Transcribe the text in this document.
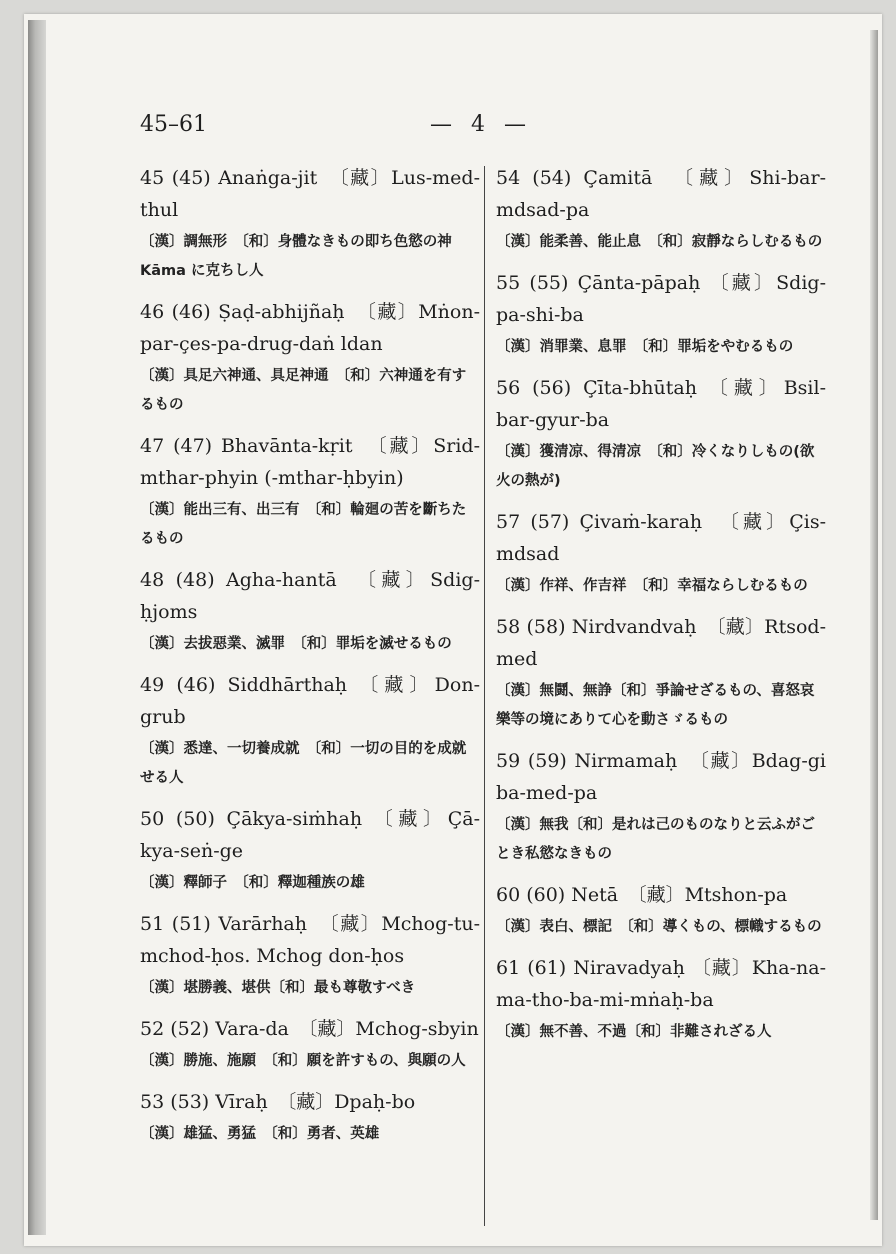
45–61	— 4 —
45 (45) Anaṅga-jit　〔藏〕Lus-med-thul
〔漢〕調無形　〔和〕身體なきもの即ち色慾の神 Kāma に克ちし人
46 (46) Ṣaḍ-abhijñaḥ　〔藏〕Mṅon-par-çes-pa-drug-daṅ ldan
〔漢〕具足六神通、具足神通　〔和〕六神通を有するもの
47 (47) Bhavānta-kṛit　〔藏〕Srid-mthar-phyin (-mthar-ḥbyin)
〔漢〕能出三有、出三有　〔和〕輪廻の苦を斷ちたるもの
48 (48) Agha-hantā　〔藏〕Sdig-ḥjoms
〔漢〕去拔惡業、滅罪　〔和〕罪垢を滅せるもの
49 (46) Siddhārthaḥ 〔藏〕Don-grub
〔漢〕悉達、一切養成就　〔和〕一切の目的を成就せる人
50 (50) Çākya-siṁhaḥ 〔藏〕Çā-kya-seṅ-ge
〔漢〕釋師子　〔和〕釋迦種族の雄
51 (51) Varārhaḥ　〔藏〕Mchog-tu-mchod-ḥos. Mchog don-ḥos
〔漢〕堪勝義、堪供〔和〕最も尊敬すべき
52 (52) Vara-da　〔藏〕Mchog-sbyin
〔漢〕勝施、施願　〔和〕願を許すもの、與願の人
53 (53) Vīraḥ　〔藏〕Dpaḥ-bo
〔漢〕雄猛、勇猛　〔和〕勇者、英雄
54 (54) Çamitā　〔藏〕Shi-bar-mdsad-pa
〔漢〕能柔善、能止息　〔和〕寂靜ならしむるもの
55 (55) Çānta-pāpaḥ 〔藏〕Sdig-pa-shi-ba
〔漢〕消罪業、息罪　〔和〕罪垢をやむるもの
56 (56) Çīta-bhūtaḥ 〔藏〕Bsil-bar-gyur-ba
〔漢〕獲清凉、得清凉　〔和〕冷くなりしもの(欲火の熱が)
57 (57) Çivaṁ-karaḥ　〔藏〕Çis-mdsad
〔漢〕作祥、作吉祥　〔和〕幸福ならしむるもの
58 (58) Nirdvandvaḥ　〔藏〕Rtsod-med
〔漢〕無鬪、無諍〔和〕爭論せざるもの、喜怒哀樂等の境にありて心を動さゞるもの
59 (59) Nirmamaḥ　〔藏〕Bdag-gi ba-med-pa
〔漢〕無我〔和〕是れは己のものなりと云ふがごとき私慾なきもの
60 (60) Netā　〔藏〕Mtshon-pa
〔漢〕表白、標記　〔和〕導くもの、標幟するもの
61 (61) Niravadyaḥ 〔藏〕Kha-na-ma-tho-ba-mi-mṅaḥ-ba
〔漢〕無不善、不過〔和〕非難されざる人
